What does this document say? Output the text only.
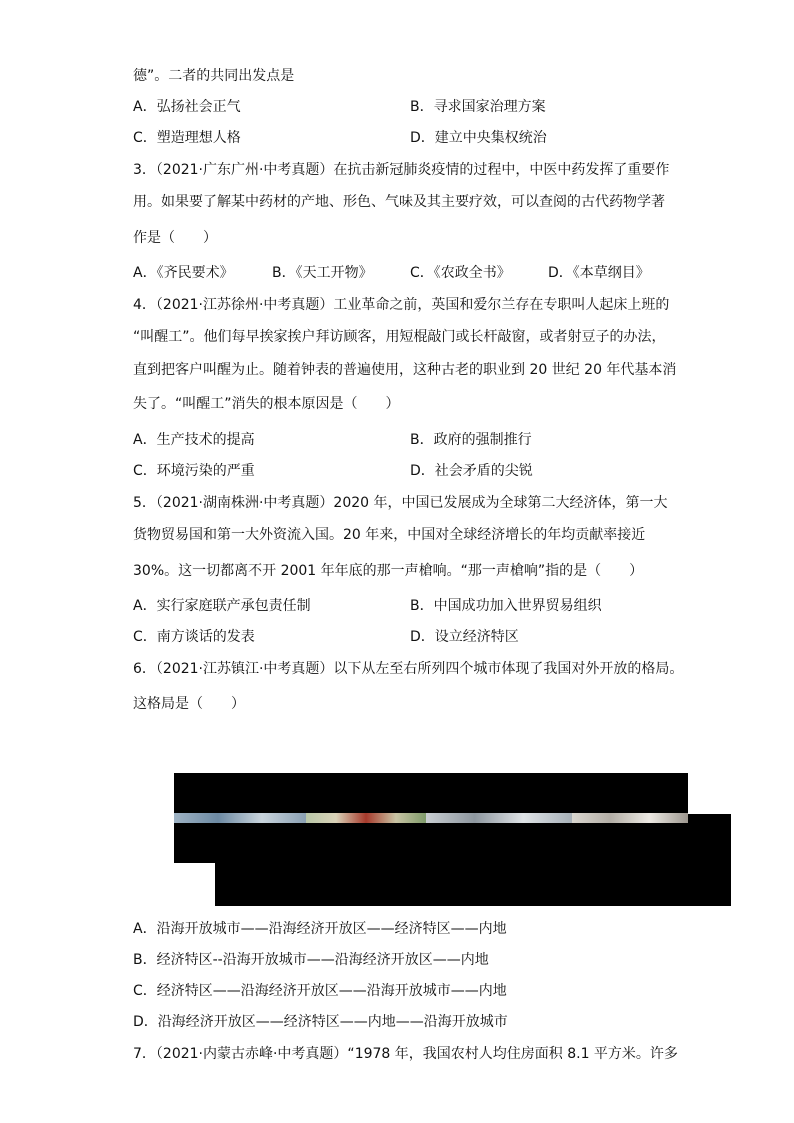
德”。二者的共同出发点是
A．弘扬社会正气	B．寻求国家治理方案
C．塑造理想人格	D．建立中央集权统治
3．（2021·广东广州·中考真题）在抗击新冠肺炎疫情的过程中，中医中药发挥了重要作
用。如果要了解某中药材的产地、形色、气味及其主要疗效，可以查阅的古代药物学著
作是（　　）
A．《齐民要术》	B．《天工开物》	C．《农政全书》	D．《本草纲目》
4．（2021·江苏徐州·中考真题）工业革命之前，英国和爱尔兰存在专职叫人起床上班的
“叫醒工”。他们每早挨家挨户拜访顾客，用短棍敲门或长杆敲窗，或者射豆子的办法，
直到把客户叫醒为止。随着钟表的普遍使用，这种古老的职业到 20 世纪 20 年代基本消
失了。“叫醒工”消失的根本原因是（　　）
A．生产技术的提高	B．政府的强制推行
C．环境污染的严重	D．社会矛盾的尖锐
5．（2021·湖南株洲·中考真题）2020 年，中国已发展成为全球第二大经济体，第一大
货物贸易国和第一大外资流入国。20 年来，中国对全球经济增长的年均贡献率接近
30%。这一切都离不开 2001 年年底的那一声槍响。“那一声槍响”指的是（　　）
A．实行家庭联产承包责任制	B．中国成功加入世界贸易组织
C．南方谈话的发表	D．设立经济特区
6．（2021·江苏镇江·中考真题）以下从左至右所列四个城市体现了我国对外开放的格局。
这格局是（　　）
A．沿海开放城市——沿海经济开放区——经济特区——内地
B．经济特区--沿海开放城市——沿海经济开放区——内地
C．经济特区——沿海经济开放区——沿海开放城市——内地
D．沿海经济开放区——经济特区——内地——沿海开放城市
7．（2021·内蒙古赤峰·中考真题）“1978 年，我国农村人均住房面积 8.1 平方米。许多
